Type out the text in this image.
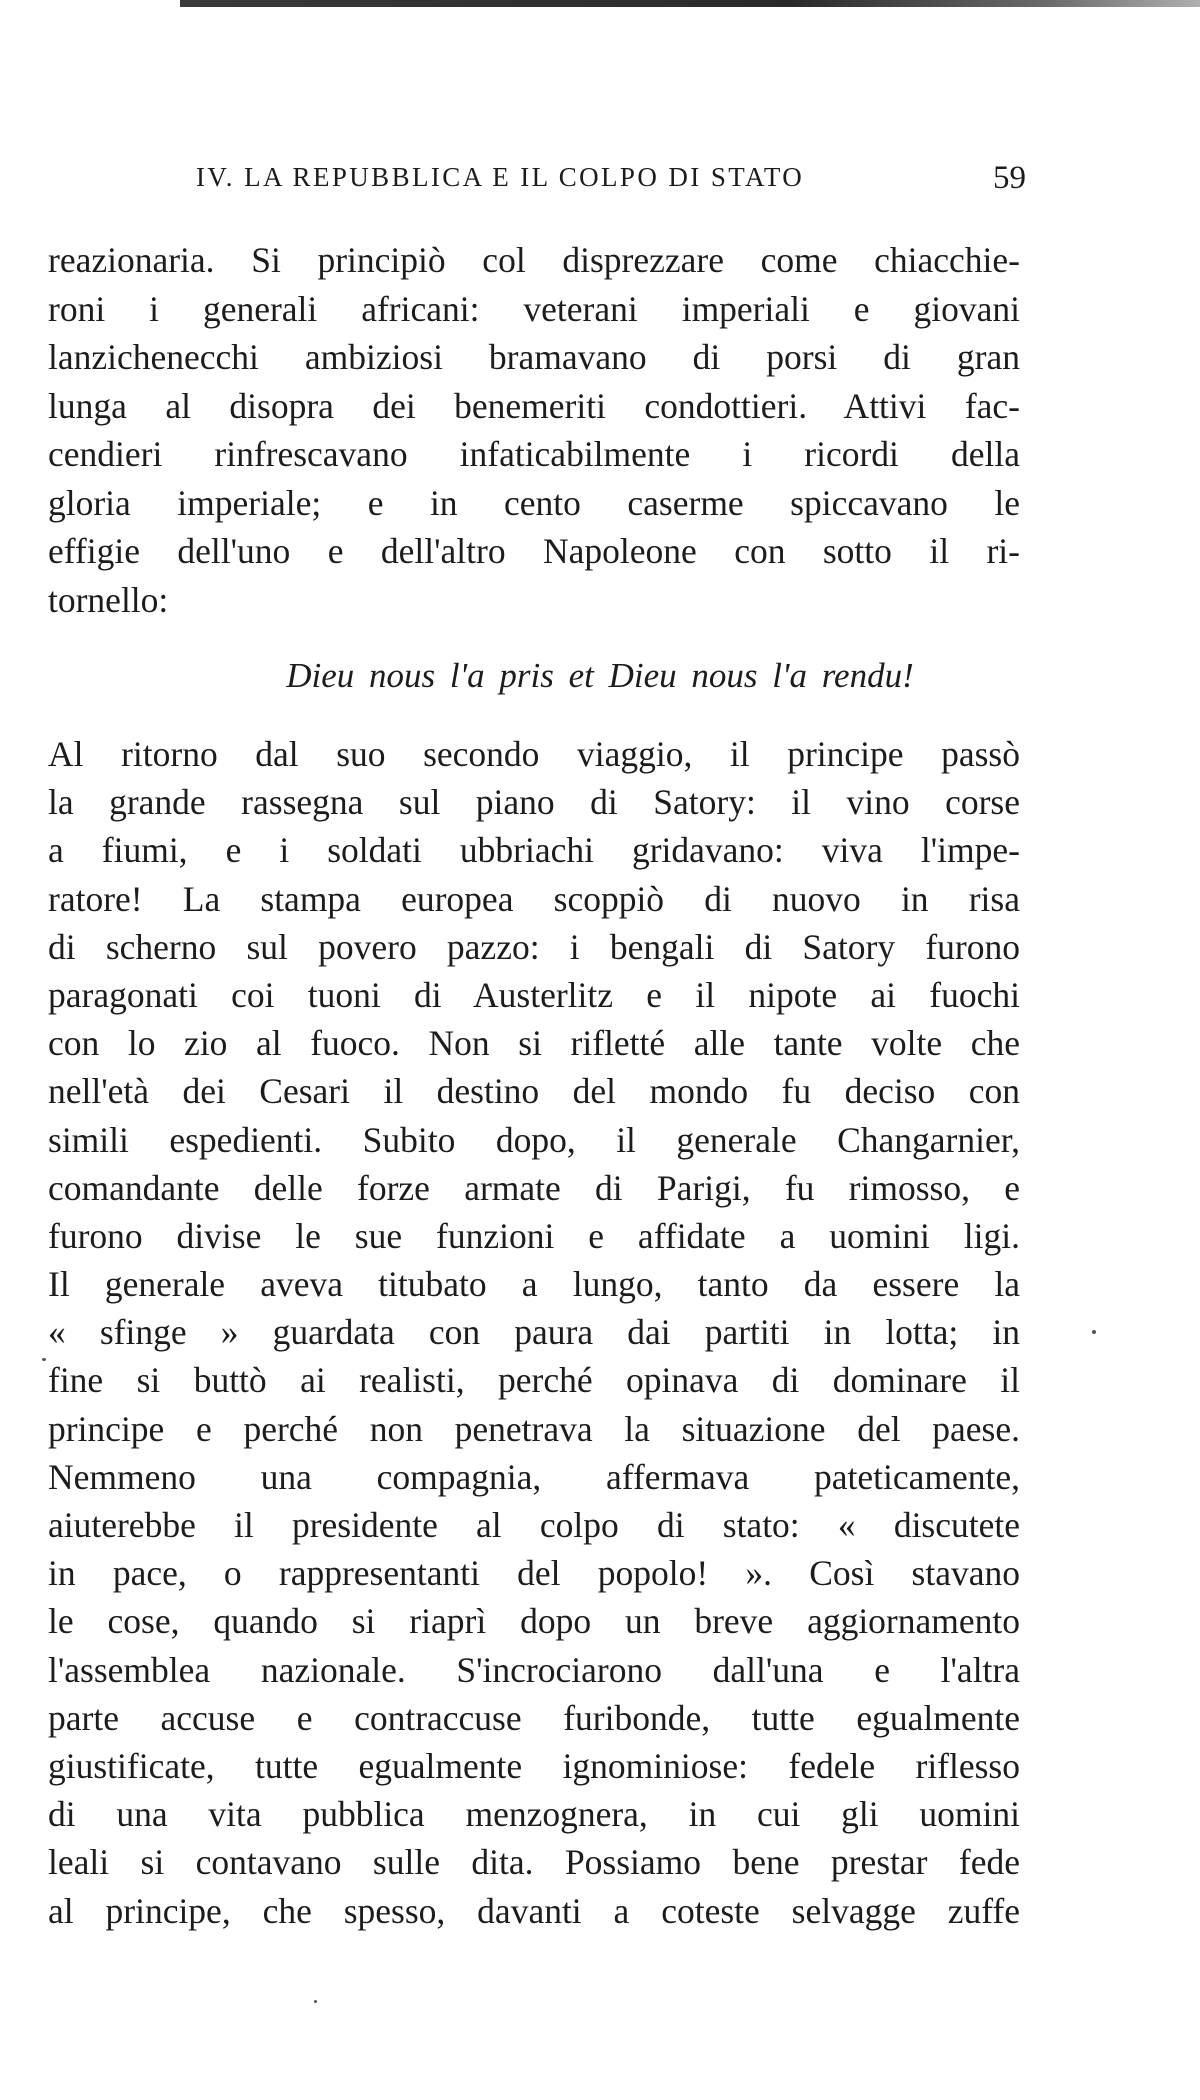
IV. LA REPUBBLICA E IL COLPO DI STATO	59
reazionaria. Si principiò col disprezzare come chiacchie-
roni i generali africani: veterani imperiali e giovani
lanzichenecchi ambiziosi bramavano di porsi di gran
lunga al disopra dei benemeriti condottieri. Attivi fac-
cendieri rinfrescavano infaticabilmente i ricordi della
gloria imperiale; e in cento caserme spiccavano le
effigie dell'uno e dell'altro Napoleone con sotto il ri-
tornello:
Dieu nous l'a pris et Dieu nous l'a rendu!
Al ritorno dal suo secondo viaggio, il principe passò
la grande rassegna sul piano di Satory: il vino corse
a fiumi, e i soldati ubbriachi gridavano: viva l'impe-
ratore! La stampa europea scoppiò di nuovo in risa
di scherno sul povero pazzo: i bengali di Satory furono
paragonati coi tuoni di Austerlitz e il nipote ai fuochi
con lo zio al fuoco. Non si rifletté alle tante volte che
nell'età dei Cesari il destino del mondo fu deciso con
simili espedienti. Subito dopo, il generale Changarnier,
comandante delle forze armate di Parigi, fu rimosso, e
furono divise le sue funzioni e affidate a uomini ligi.
Il generale aveva titubato a lungo, tanto da essere la
« sfinge » guardata con paura dai partiti in lotta; in
fine si buttò ai realisti, perché opinava di dominare il
principe e perché non penetrava la situazione del paese.
Nemmeno una compagnia, affermava pateticamente,
aiuterebbe il presidente al colpo di stato: « discutete
in pace, o rappresentanti del popolo! ». Così stavano
le cose, quando si riaprì dopo un breve aggiornamento
l'assemblea nazionale. S'incrociarono dall'una e l'altra
parte accuse e contraccuse furibonde, tutte egualmente
giustificate, tutte egualmente ignominiose: fedele riflesso
di una vita pubblica menzognera, in cui gli uomini
leali si contavano sulle dita. Possiamo bene prestar fede
al principe, che spesso, davanti a coteste selvagge zuffe
